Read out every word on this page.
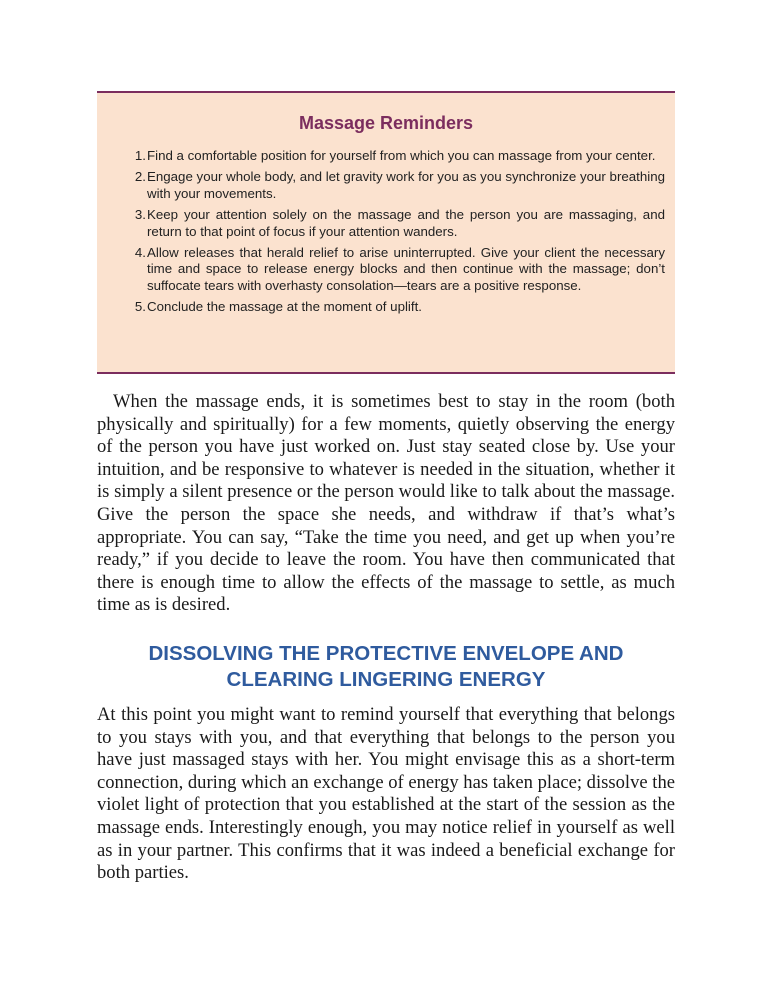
Massage Reminders
1. Find a comfortable position for yourself from which you can massage from your center.
2. Engage your whole body, and let gravity work for you as you synchronize your breathing with your movements.
3. Keep your attention solely on the massage and the person you are massaging, and return to that point of focus if your attention wanders.
4. Allow releases that herald relief to arise uninterrupted. Give your client the necessary time and space to release energy blocks and then continue with the massage; don’t suffocate tears with overhasty consolation—tears are a positive response.
5. Conclude the massage at the moment of uplift.

When the massage ends, it is sometimes best to stay in the room (both physically and spiritually) for a few moments, quietly observing the energy of the person you have just worked on. Just stay seated close by. Use your intuition, and be responsive to whatever is needed in the situation, whether it is simply a silent presence or the person would like to talk about the massage. Give the person the space she needs, and withdraw if that’s what’s appropriate. You can say, “Take the time you need, and get up when you’re ready,” if you decide to leave the room. You have then communicated that there is enough time to allow the effects of the massage to settle, as much time as is desired.

DISSOLVING THE PROTECTIVE ENVELOPE AND
CLEARING LINGERING ENERGY

At this point you might want to remind yourself that everything that belongs to you stays with you, and that everything that belongs to the person you have just massaged stays with her. You might envisage this as a short-term connection, during which an exchange of energy has taken place; dissolve the violet light of protection that you established at the start of the session as the massage ends. Interestingly enough, you may notice relief in yourself as well as in your partner. This confirms that it was indeed a beneficial exchange for both parties.
